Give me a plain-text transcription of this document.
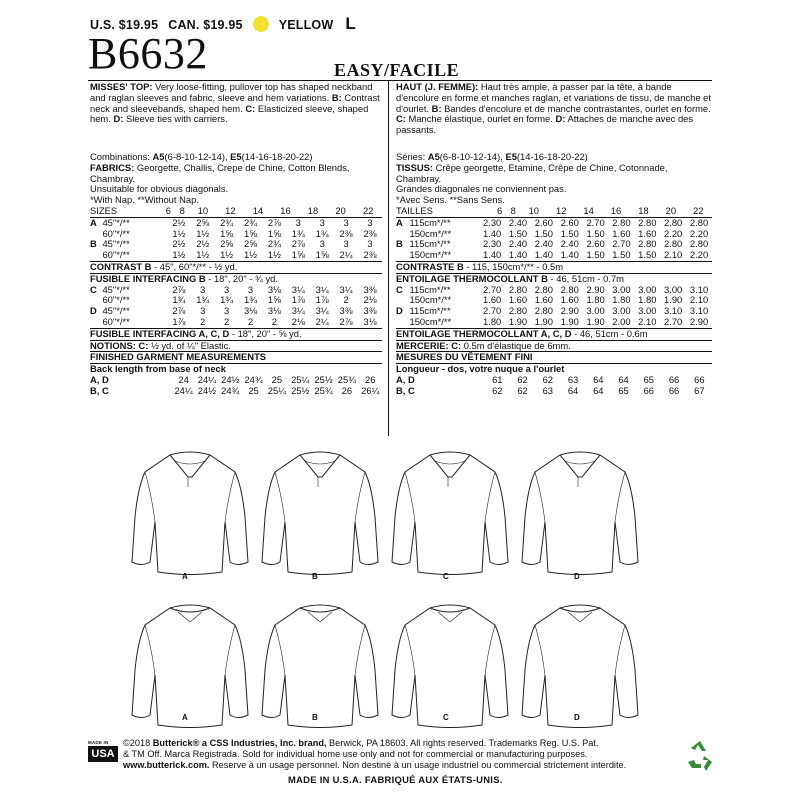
U.S. $19.95 CAN. $19.95	YELLOW L
B6632	EASY/FACILE

MISSES' TOP: Very loose-fitting, pullover top has shaped neckband and raglan sleeves and fabric, sleeve and hem variations. B: Contrast neck and sleevebands, shaped hem. C: Elasticized sleeve, shaped hem. D: Sleeve ties with carriers.

Combinations: A5(6-8-10-12-14), E5(14-16-18-20-22)

FABRICS: Georgette, Challis, Crepe de Chine, Cotton Blends, Chambray.

Unsuitable for obvious diagonals.

*With Nap. **Without Nap.

SIZES	6	8	10	12	14	16	18	20	22
A	45"*/**	2½	2⅝	2¾	2¾	2⅞	3	3	3	3
	60"*/**	1½	1½	1⅝	1⅝	1⅝	1¾	1¾	2⅜	2⅜
B	45"*/**	2½	2½	2⅝	2⅝	2¾	2⅞	3	3	3
	60"*/**	1½	1½	1½	1½	1½	1⅝	1⅝	2¼	2⅜

CONTRAST B - 45", 60"*/** - ½ yd.

FUSIBLE INTERFACING B - 18", 20" - ¾ yd.

C	45"*/**	2⅞	3	3	3	3⅛	3¼	3¼	3¼	3⅜
	60"*/**	1¾	1¾	1¾	1¾	1⅝	1⅞	1⅞	2	2⅛
D	45"*/**	2⅞	3	3	3⅛	3⅛	3¼	3¼	3⅜	3⅜
	60"*/**	1⅞	2	2	2	2	2⅛	2¼	2⅞	3⅛

FUSIBLE INTERFACING A, C, D - 18", 20" - ⅝ yd.

NOTIONS: C: ½ yd. of ¼" Elastic.

FINISHED GARMENT MEASUREMENTS

Back length from base of neck

A, D		24	24¼	24½	24¾	25	25¼	25½	25¾	26
B, C		24¼	24½	24¾	25	25¼	25½	25¾	26	26¼

HAUT (J. FEMME): Haut très ample, à passer par la tête, à bande d'encolure en forme et manches raglan, et variations de tissu, de manche et d'ourlet. B: Bandes d'encolure et de manche contrastantes, ourlet en forme. C: Manche élastique, ourlet en forme. D: Attaches de manche avec des passants.

Séries: A5(6-8-10-12-14), E5(14-16-18-20-22)

TISSUS: Crêpe georgette, Etamine, Crêpe de Chine, Cotonnade, Chambray.

Grandes diagonales ne conviennent pas.

*Avec Sens. **Sans Sens.

TAILLES	6	8	10	12	14	16	18	20	22
A	115cm*/**	2.30	2.40	2.60	2.60	2.70	2.80	2.80	2.80	2.80
	150cm*/**	1.40	1.50	1.50	1.50	1.50	1.60	1.60	2.20	2.20
B	115cm*/**	2.30	2.40	2.40	2.40	2.60	2.70	2.80	2.80	2.80
	150cm*/**	1.40	1.40	1.40	1.40	1.50	1.50	1.50	2.10	2.20

CONTRASTE B - 115, 150cm*/** - 0.5m

ENTOILAGE THERMOCOLLANT B - 46, 51cm - 0.7m

C	115cm*/**	2.70	2.80	2.80	2.80	2.90	3.00	3.00	3.00	3.10
	150cm*/**	1.60	1.60	1.60	1.60	1.80	1.80	1.80	1.90	2.10
D	115cm*/**	2.70	2.80	2.80	2.90	3.00	3.00	3.00	3.10	3.10
	150cm*/**	1.80	1.90	1.90	1.90	1.90	2.00	2.10	2.70	2.90

ENTOILAGE THERMOCOLLANT A, C, D - 46, 51cm - 0.6m

MERCERIE: C: 0.5m d'élastique de 6mm.

MESURES DU VÊTEMENT FINI

Longueur - dos, votre nuque a l'ourlet

A, D		61	62	62	63	64	64	65	66	66
B, C		62	62	63	64	64	65	66	66	67
A	B	C	D
A	B	C	D
MADE IN
USA
©2018 Butterick® a CSS Industries, Inc. brand, Berwick, PA 18603. All rights reserved. Trademarks Reg. U.S. Pat.
& TM Off. Marca Registrada. Sold for individual home use only and not for commercial or manufacturing purposes.
www.butterick.com. Reserve à un usage personnel. Non destiné à un usage industriel ou commercial strictement interdite.
MADE IN U.S.A. FABRIQUÉ AUX ÉTATS-UNIS.
